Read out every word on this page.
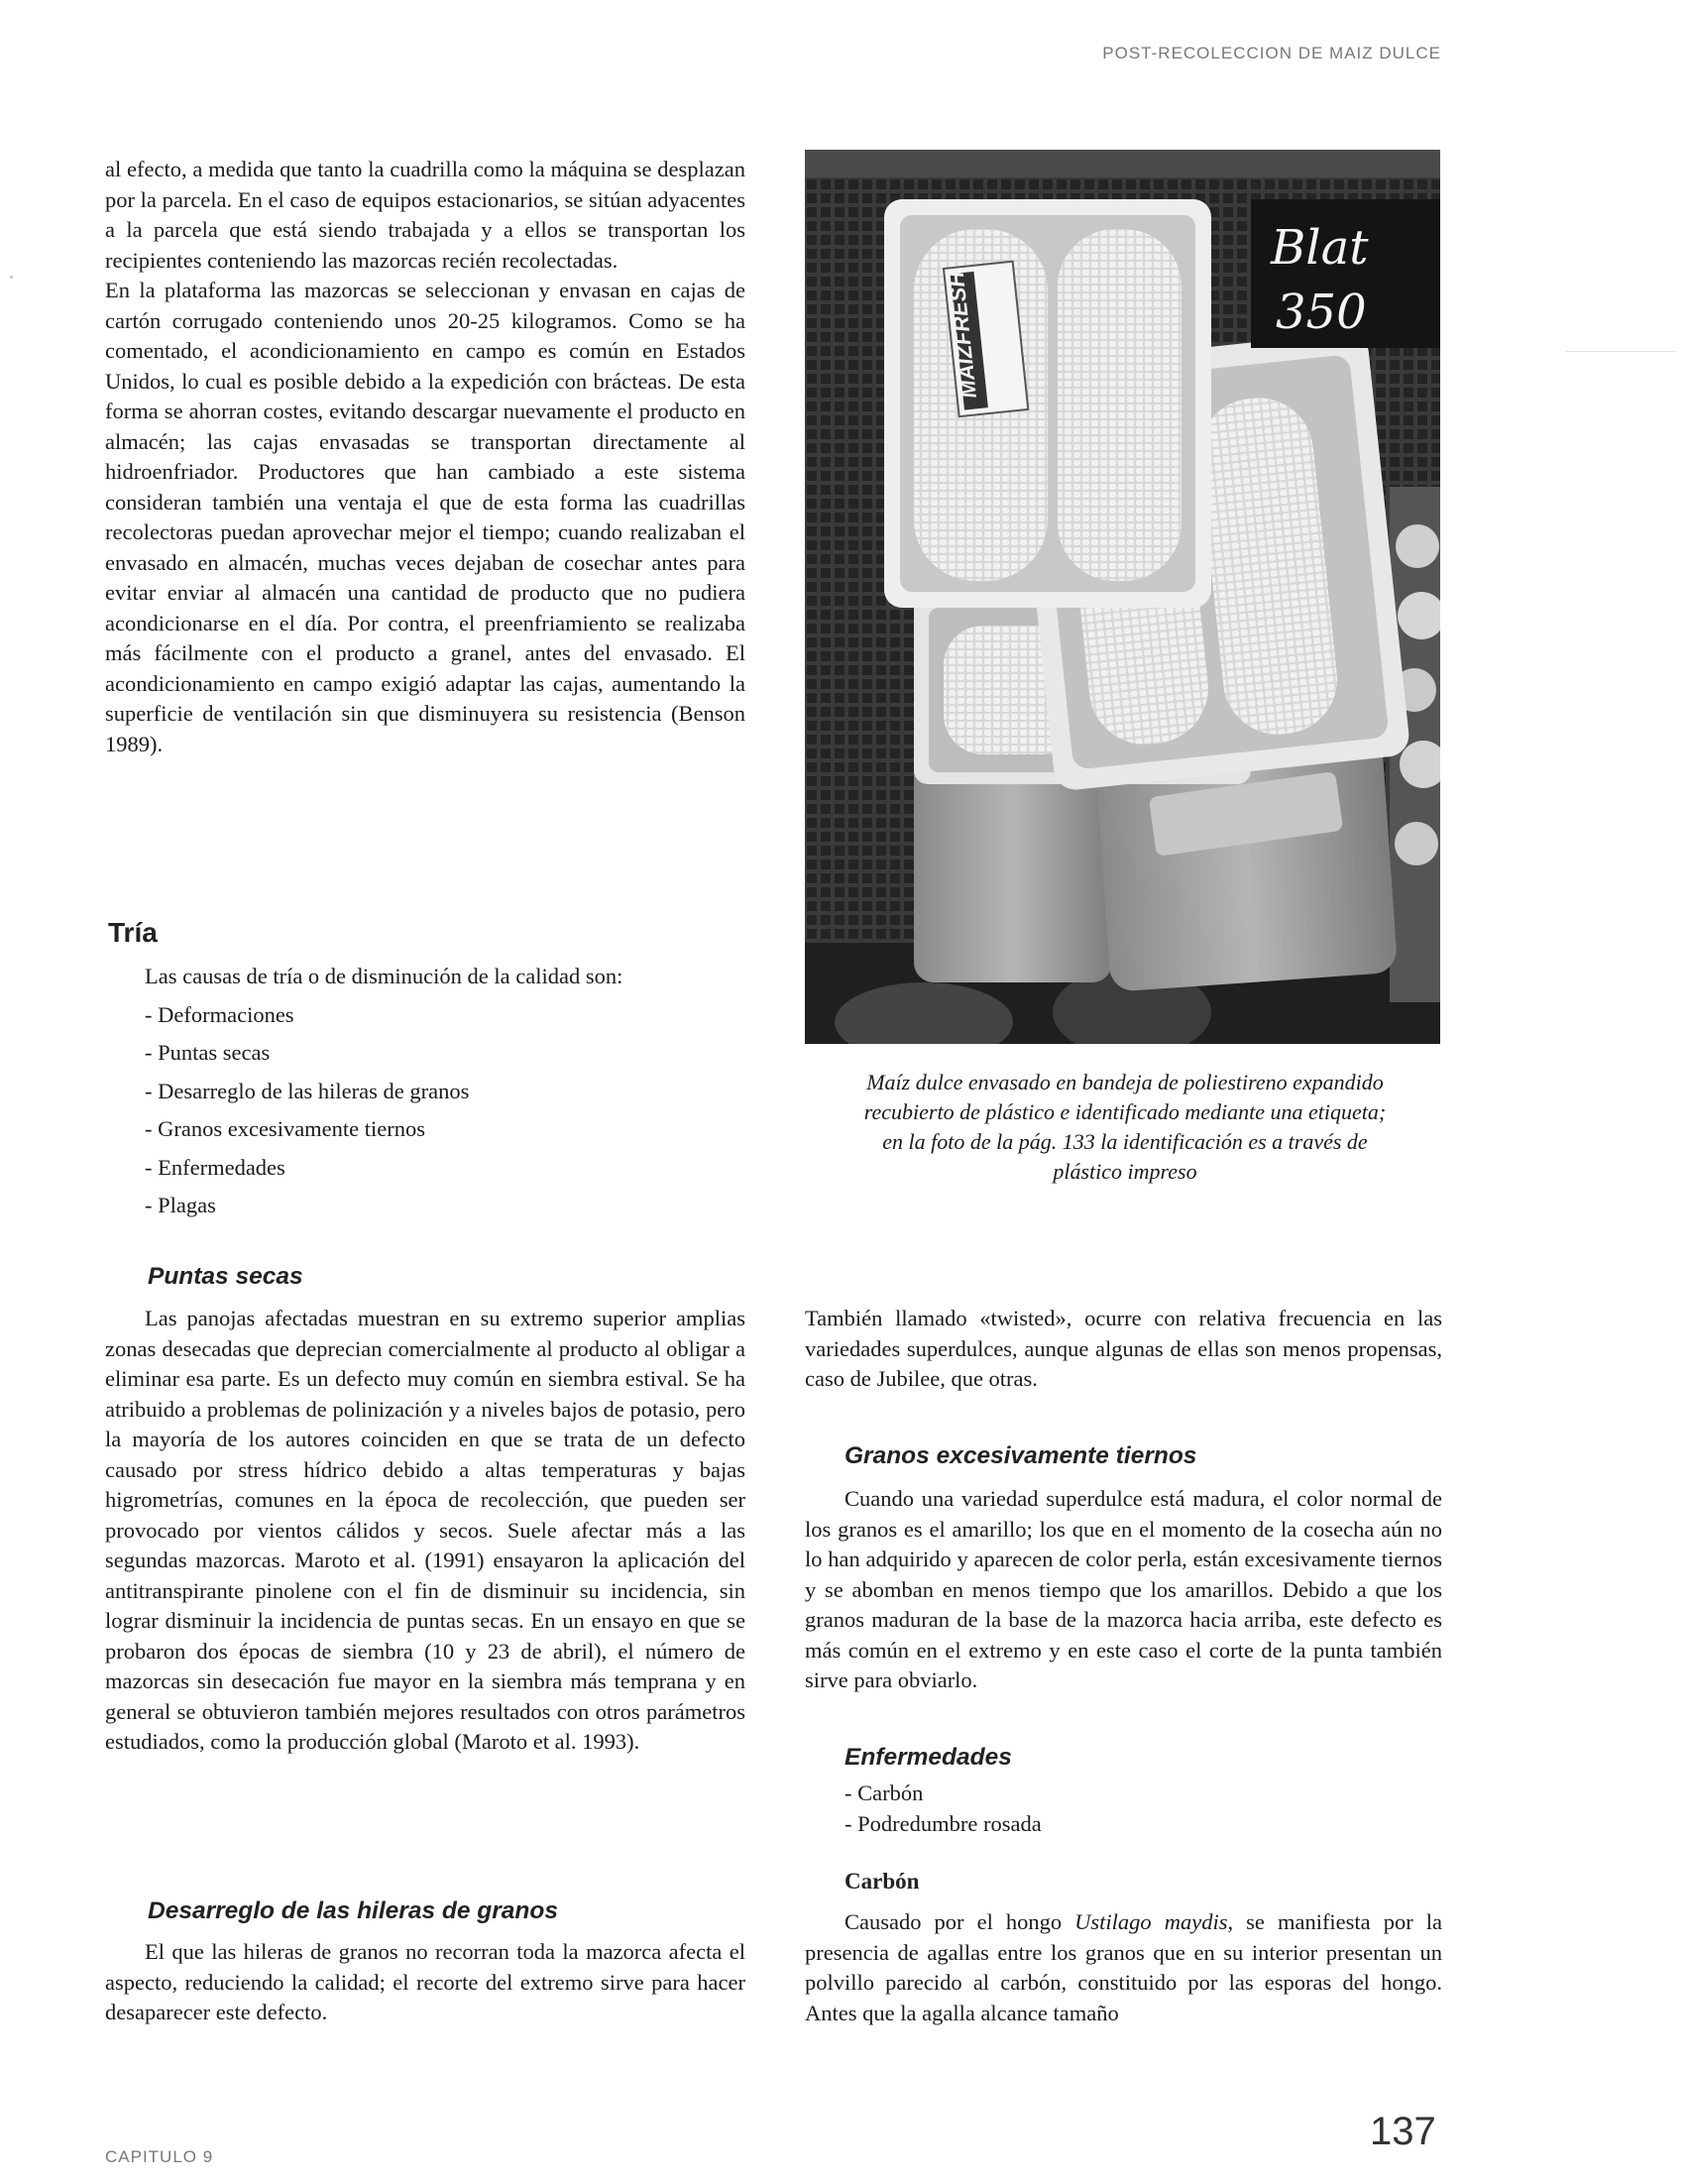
POST-RECOLECCION DE MAIZ DULCE

al efecto, a medida que tanto la cuadrilla como la máquina se desplazan por la parcela. En el caso de equipos estacionarios, se sitúan adyacentes a la parcela que está siendo trabajada y a ellos se transportan los recipientes conteniendo las mazorcas recién recolectadas.

En la plataforma las mazorcas se seleccionan y envasan en cajas de cartón corrugado conteniendo unos 20-25 kilogramos. Como se ha comentado, el acondicionamiento en campo es común en Estados Unidos, lo cual es posible debido a la expedición con brácteas. De esta forma se ahorran costes, evitando descargar nuevamente el producto en almacén; las cajas envasadas se transportan directamente al hidroenfriador. Productores que han cambiado a este sistema consideran también una ventaja el que de esta forma las cuadrillas recolectoras puedan aprovechar mejor el tiempo; cuando realizaban el envasado en almacén, muchas veces dejaban de cosechar antes para evitar enviar al almacén una cantidad de producto que no pudiera acondicionarse en el día. Por contra, el preenfriamiento se realizaba más fácilmente con el producto a granel, antes del envasado. El acondicionamiento en campo exigió adaptar las cajas, aumentando la superficie de ventilación sin que disminuyera su resistencia (Benson 1989).

MAIZFRESH
Blat
350
Maíz dulce envasado en bandeja de poliestireno expandido recubierto de plástico e identificado mediante una etiqueta; en la foto de la pág. 133 la identificación es a través de plástico impreso
Tría

Las causas de tría o de disminución de la calidad son:

- Deformaciones
- Puntas secas
- Desarreglo de las hileras de granos
- Granos excesivamente tiernos
- Enfermedades
- Plagas
Puntas secas

Las panojas afectadas muestran en su extremo superior amplias zonas desecadas que deprecian comercialmente al producto al obligar a eliminar esa parte. Es un defecto muy común en siembra estival. Se ha atribuido a problemas de polinización y a niveles bajos de potasio, pero la mayoría de los autores coinciden en que se trata de un defecto causado por stress hídrico debido a altas temperaturas y bajas higrometrías, comunes en la época de recolección, que pueden ser provocado por vientos cálidos y secos. Suele afectar más a las segundas mazorcas. Maroto et al. (1991) ensayaron la aplicación del antitranspirante pinolene con el fin de disminuir su incidencia, sin lograr disminuir la incidencia de puntas secas. En un ensayo en que se probaron dos épocas de siembra (10 y 23 de abril), el número de mazorcas sin desecación fue mayor en la siembra más temprana y en general se obtuvieron también mejores resultados con otros parámetros estudiados, como la producción global (Maroto et al. 1993).

Desarreglo de las hileras de granos

El que las hileras de granos no recorran toda la mazorca afecta el aspecto, reduciendo la calidad; el recorte del extremo sirve para hacer desaparecer este defecto.

También llamado «twisted», ocurre con relativa frecuencia en las variedades superdulces, aunque algunas de ellas son menos propensas, caso de Jubilee, que otras.

Granos excesivamente tiernos

Cuando una variedad superdulce está madura, el color normal de los granos es el amarillo; los que en el momento de la cosecha aún no lo han adquirido y aparecen de color perla, están excesivamente tiernos y se abomban en menos tiempo que los amarillos. Debido a que los granos maduran de la base de la mazorca hacia arriba, este defecto es más común en el extremo y en este caso el corte de la punta también sirve para obviarlo.

Enfermedades
- Carbón
- Podredumbre rosada
Carbón

Causado por el hongo Ustilago maydis, se manifiesta por la presencia de agallas entre los granos que en su interior presentan un polvillo parecido al carbón, constituido por las esporas del hongo. Antes que la agalla alcance tamaño

CAPITULO 9
137
